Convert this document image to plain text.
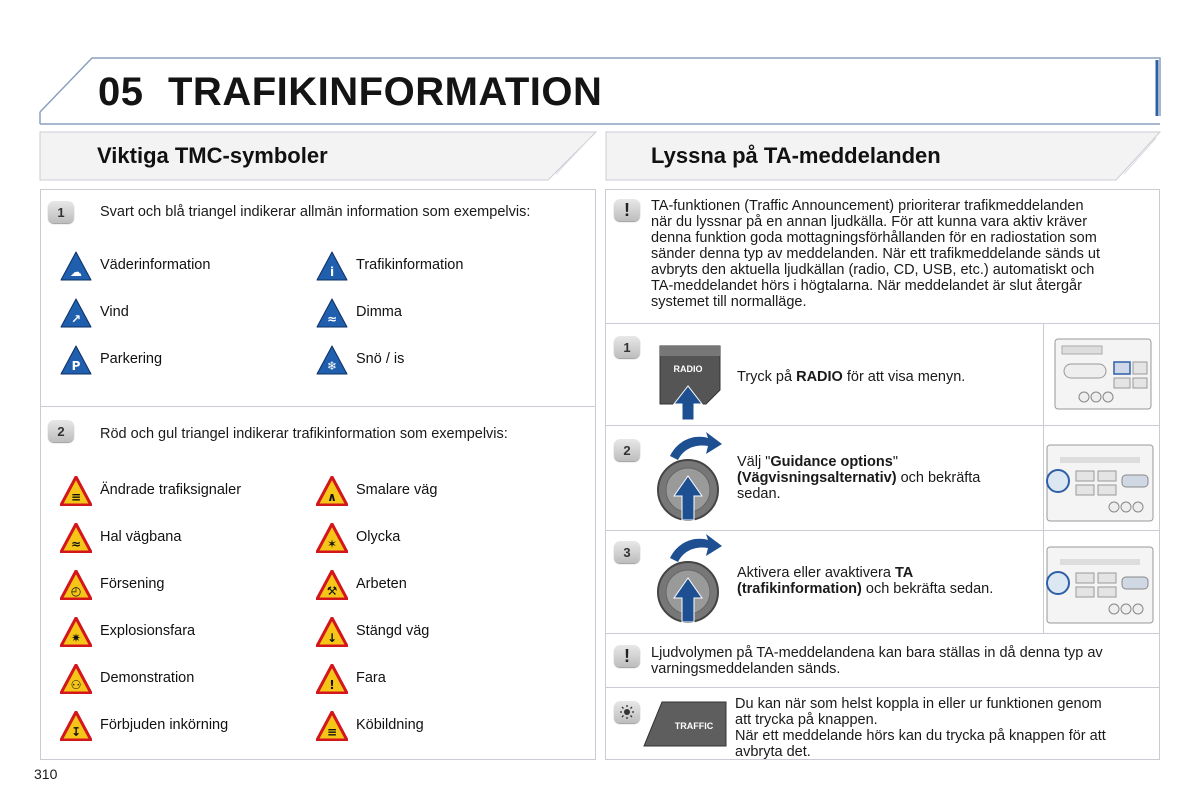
05 TRAFIKINFORMATION
Viktiga TMC-symboler	Lyssna på TA-meddelanden
1	Svart och blå triangel indikerar allmän information som exempelvis:
2	Röd och gul triangel indikerar trafikinformation som exempelvis:
☁ Väderinformation	i Trafikinformation
↗ Vind	≈ Dimma
P Parkering	❄ Snö / is
≡ Ändrade trafiksignaler	∧ Smalare väg
≈ Hal vägbana	✶ Olycka
◴ Försening	⚒ Arbeten
✷ Explosionsfara	↓ Stängd väg
⚇ Demonstration	! Fara
↧ Förbjuden inkörning	≡ Köbildning
!	TA-funktionen (Traffic Announcement) prioriterar trafikmeddelanden
när du lyssnar på en annan ljudkälla. För att kunna vara aktiv kräver
denna funktion goda mottagningsförhållanden för en radiostation som
sänder denna typ av meddelanden. När ett trafikmeddelande sänds ut
avbryts den aktuella ljudkällan (radio, CD, USB, etc.) automatiskt och
TA-meddelandet hörs i högtalarna. När meddelandet är slut återgår
systemet till normalläge.
1
RADIO Tryck på RADIO för att visa menyn.
2
Välj "Guidance options"
(Vägvisningsalternativ) och bekräfta
sedan.
3
Aktivera eller avaktivera TA
(trafikinformation) och bekräfta sedan.
!	Ljudvolymen på TA-meddelandena kan bara ställas in då denna typ av
varningsmeddelanden sänds.
TRAFFIC
Du kan när som helst koppla in eller ur funktionen genom
att trycka på knappen.
När ett meddelande hörs kan du trycka på knappen för att
avbryta det.
310
